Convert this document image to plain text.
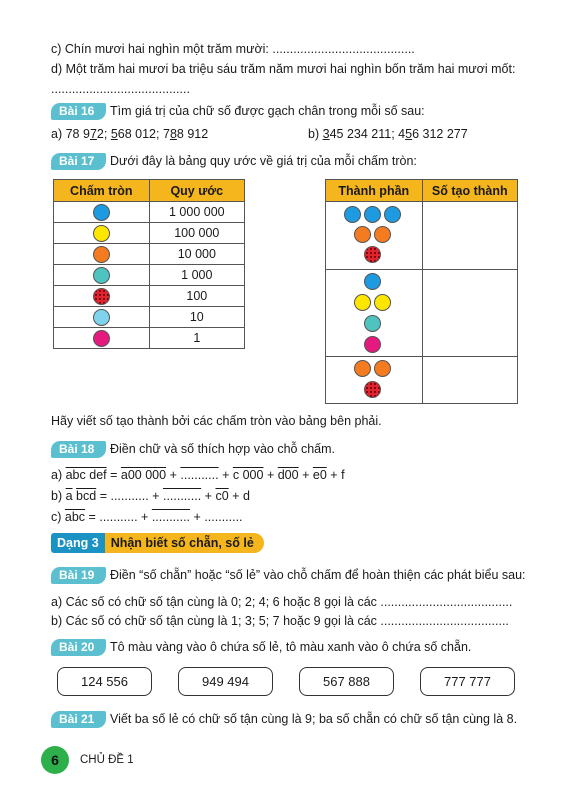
c) Chín mươi hai nghìn một trăm mười: .........................................
d) Một trăm hai mươi ba triệu sáu trăm năm mươi hai nghìn bốn trăm hai mươi mốt:
........................................
Bài 16	Tìm giá trị của chữ số được gạch chân trong mỗi số sau:
a) 78 972; 568 012; 788 912	b) 345 234 211; 456 312 277
Bài 17	Dưới đây là bảng quy ước về giá trị của mỗi chấm tròn:
Chấm tròn	Quy ước
	1 000 000
	100 000
	10 000
	1 000
	100
	10
	1
Thành phần	Số tạo thành

Hãy viết số tạo thành bởi các chấm tròn vào bảng bên phải.
Bài 18	Điền chữ và số thích hợp vào chỗ chấm.
a) abc def = a00 000 + ........... + c 000 + d00 + e0 + f
b) $\overline{a}$ $\overline{bcd}$ = ........... + ........... + c0 + d
c) $\overline{abc}$ = ........... + ........... + ...........
Dạng 3 Nhận biết số chẵn, số lẻ
Bài 19	Điền “số chẵn” hoặc “số lẻ” vào chỗ chấm để hoàn thiện các phát biểu sau:
a) Các số có chữ số tận cùng là 0; 2; 4; 6 hoặc 8 gọi là các ......................................
b) Các số có chữ số tận cùng là 1; 3; 5; 7 hoặc 9 gọi là các .....................................
Bài 20	Tô màu vàng vào ô chứa số lẻ, tô màu xanh vào ô chứa số chẵn.
124 556	949 494	567 888	777 777
Bài 21	Viết ba số lẻ có chữ số tận cùng là 9; ba số chẵn có chữ số tận cùng là 8.
6	CHỦ ĐỀ 1
